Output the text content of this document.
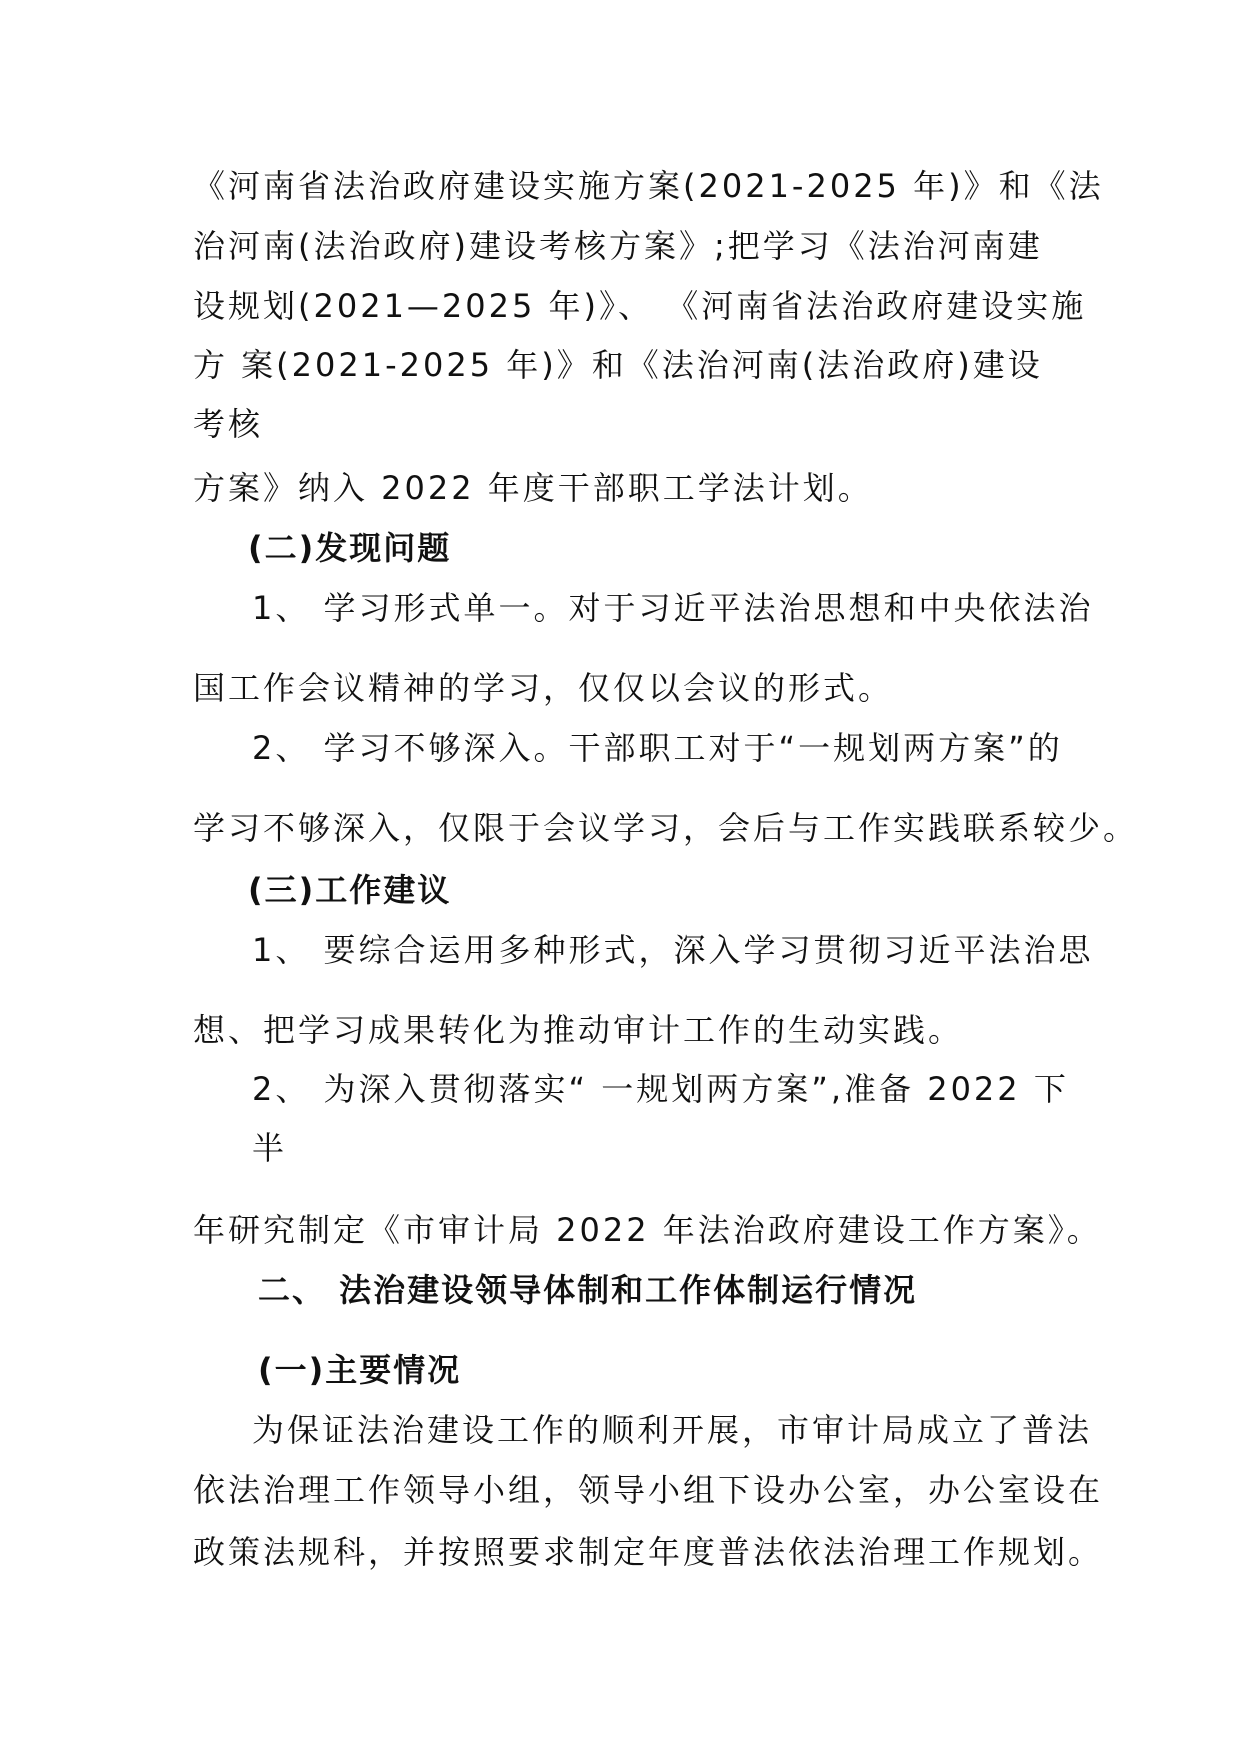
《河南省法治政府建设实施方案(2021-2025 年)》和《法
治河南(法治政府)建设考核方案》;把学习《法治河南建
设规划(2021—2025 年)》、 《河南省法治政府建设实施
方 案(2021-2025 年)》和《法治河南(法治政府)建设
考核
方案》纳入 2022 年度干部职工学法计划。
(二)发现问题
1、 学习形式单一。对于习近平法治思想和中央依法治
国工作会议精神的学习，仅仅以会议的形式。
2、 学习不够深入。干部职工对于“一规划两方案”的
学习不够深入，仅限于会议学习，会后与工作实践联系较少。
(三)工作建议
1、 要综合运用多种形式，深入学习贯彻习近平法治思
想、把学习成果转化为推动审计工作的生动实践。
2、 为深入贯彻落实“ 一规划两方案”,准备 2022 下
半
年研究制定《市审计局 2022 年法治政府建设工作方案》。
二、 法治建设领导体制和工作体制运行情况
(一)主要情况
为保证法治建设工作的顺利开展，市审计局成立了普法
依法治理工作领导小组，领导小组下设办公室，办公室设在
政策法规科，并按照要求制定年度普法依法治理工作规划。
